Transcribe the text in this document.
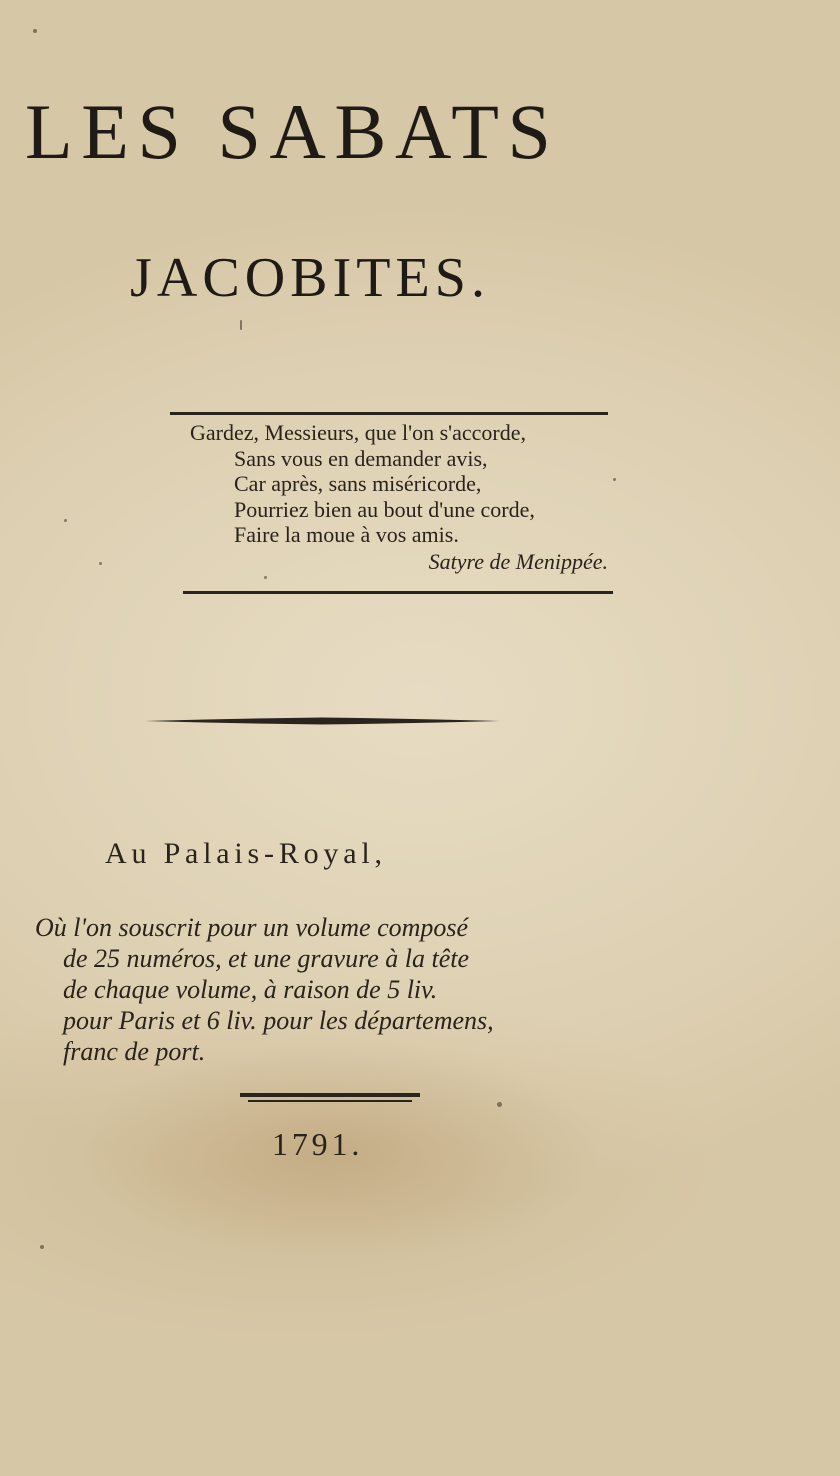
LES SABATS
JACOBITES.
Gardez, Messieurs, que l'on s'accorde,
Sans vous en demander avis,
Car après, sans miséricorde,
Pourriez bien au bout d'une corde,
Faire la moue à vos amis.
Satyre de Menippée.
Au Palais-Royal,
Où l'on souscrit pour un volume composé
de 25 numéros, et une gravure à la tête
de chaque volume, à raison de 5 liv.
pour Paris et 6 liv. pour les départemens,
franc de port.
1791.
